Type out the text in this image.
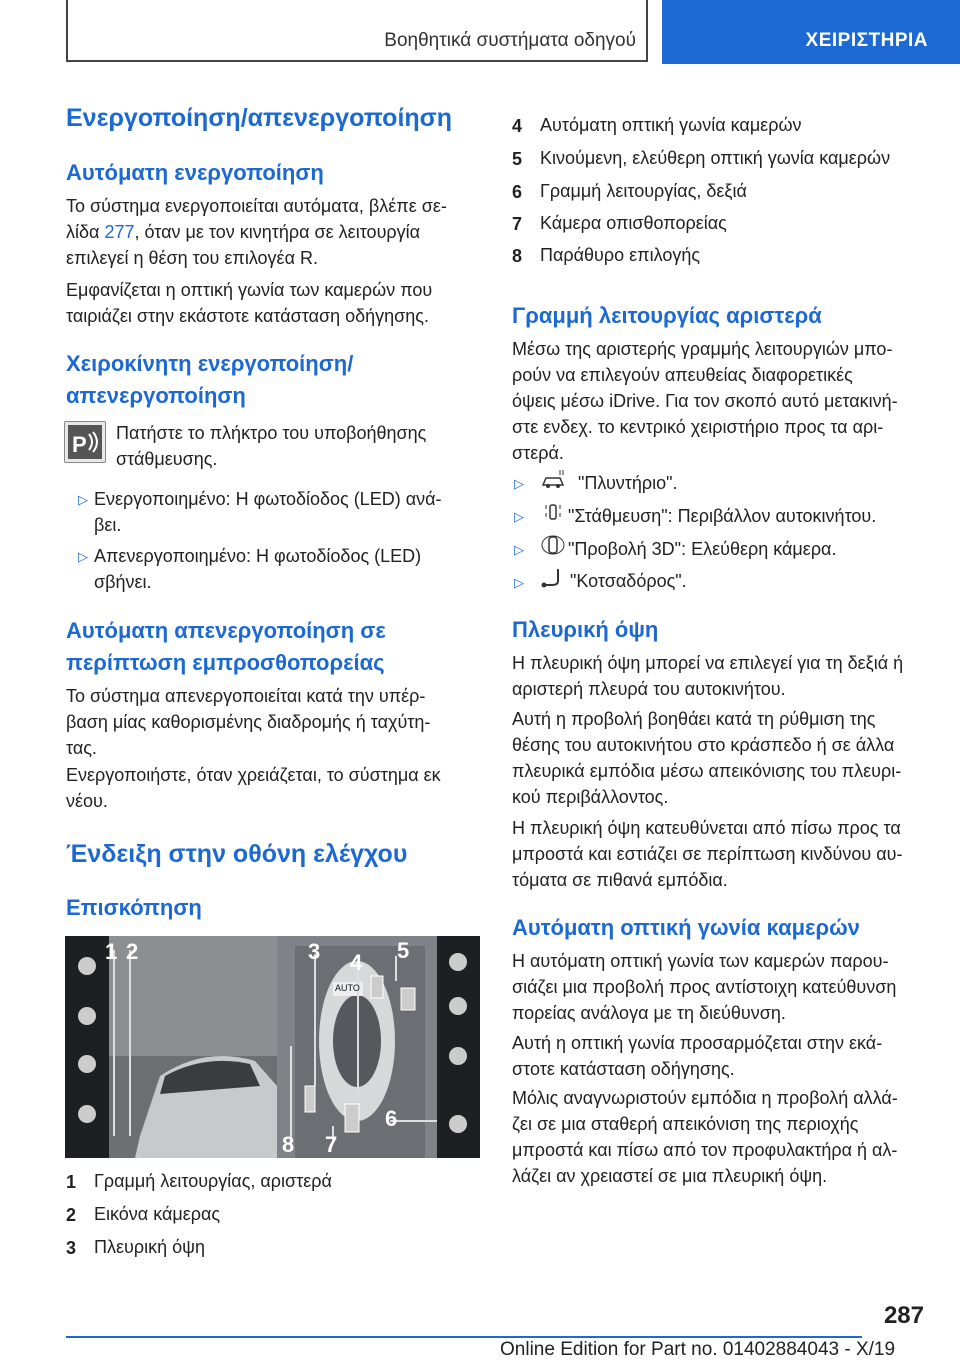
Βοηθητικά συστήματα οδηγού	ΧΕΙΡΙΣΤΗΡΙΑ
Ενεργοποίηση/απενεργοποίηση
Αυτόματη ενεργοποίηση
Το σύστημα ενεργοποιείται αυτόματα, βλέπε σε-
λίδα 277, όταν με τον κινητήρα σε λειτουργία
επιλεγεί η θέση του επιλογέα R.
Εμφανίζεται η οπτική γωνία των καμερών που
ταιριάζει στην εκάστοτε κατάσταση οδήγησης.
Χειροκίνητη ενεργοποίηση/
απενεργοποίηση
P Πατήστε το πλήκτρο του υποβοήθησης
στάθμευσης.
▷ Ενεργοποιημένο: Η φωτοδίοδος (LED) ανά-
βει.
▷ Απενεργοποιημένο: Η φωτοδίοδος (LED)
σβήνει.
Αυτόματη απενεργοποίηση σε
περίπτωση εμπροσθοπορείας
Το σύστημα απενεργοποιείται κατά την υπέρ-
βαση μίας καθορισμένης διαδρομής ή ταχύτη-
τας.
Ενεργοποιήστε, όταν χρειάζεται, το σύστημα εκ
νέου.
Ένδειξη στην οθόνη ελέγχου
Επισκόπηση
1 2	3 4 5
6
7
8
AUTO
1 Γραμμή λειτουργίας, αριστερά
2 Εικόνα κάμερας
3 Πλευρική όψη
4 Αυτόματη οπτική γωνία καμερών
5 Κινούμενη, ελεύθερη οπτική γωνία καμερών
6 Γραμμή λειτουργίας, δεξιά
7 Κάμερα οπισθοπορείας
8 Παράθυρο επιλογής
Γραμμή λειτουργίας αριστερά
Μέσω της αριστερής γραμμής λειτουργιών μπο-
ρούν να επιλεγούν απευθείας διαφορετικές
όψεις μέσω iDrive. Για τον σκοπό αυτό μετακινή-
στε ενδεχ. το κεντρικό χειριστήριο προς τα αρι-
στερά.
▷	"Πλυντήριο".
▷ "Στάθμευση": Περιβάλλον αυτοκινήτου.
▷ "Προβολή 3D": Ελεύθερη κάμερα.
▷	"Κοτσαδόρος".
Πλευρική όψη
Η πλευρική όψη μπορεί να επιλεγεί για τη δεξιά ή
αριστερή πλευρά του αυτοκινήτου.
Αυτή η προβολή βοηθάει κατά τη ρύθμιση της
θέσης του αυτοκινήτου στο κράσπεδο ή σε άλλα
πλευρικά εμπόδια μέσω απεικόνισης του πλευρι-
κού περιβάλλοντος.
Η πλευρική όψη κατευθύνεται από πίσω προς τα
μπροστά και εστιάζει σε περίπτωση κινδύνου αυ-
τόματα σε πιθανά εμπόδια.
Αυτόματη οπτική γωνία καμερών
Η αυτόματη οπτική γωνία των καμερών παρου-
σιάζει μια προβολή προς αντίστοιχη κατεύθυνση
πορείας ανάλογα με τη διεύθυνση.
Αυτή η οπτική γωνία προσαρμόζεται στην εκά-
στοτε κατάσταση οδήγησης.
Μόλις αναγνωριστούν εμπόδια η προβολή αλλά-
ζει σε μια σταθερή απεικόνιση της περιοχής
μπροστά και πίσω από τον προφυλακτήρα ή αλ-
λάζει αν χρειαστεί σε μια πλευρική όψη.
287
Online Edition for Part no. 01402884043 - X/19
